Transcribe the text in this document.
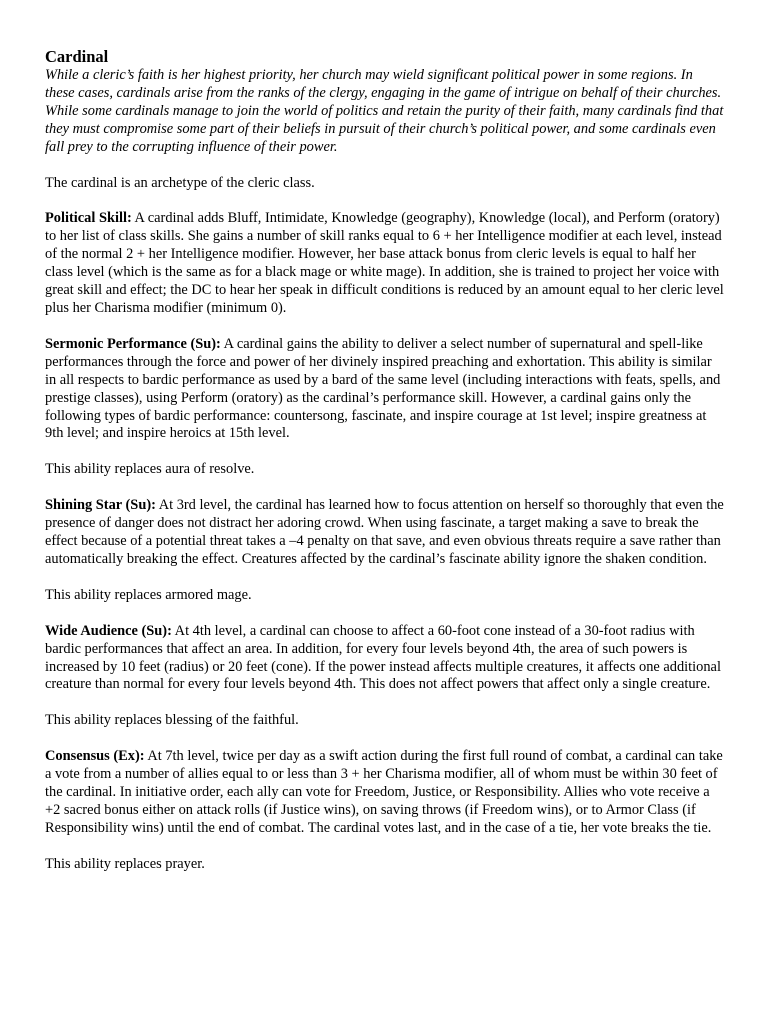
Cardinal

While a cleric’s faith is her highest priority, her church may wield significant political power in some regions. In these cases, cardinals arise from the ranks of the clergy, engaging in the game of intrigue on behalf of their churches. While some cardinals manage to join the world of politics and retain the purity of their faith, many cardinals find that they must compromise some part of their beliefs in pursuit of their church’s political power, and some cardinals even fall prey to the corrupting influence of their power.

The cardinal is an archetype of the cleric class.

Political Skill: A cardinal adds Bluff, Intimidate, Knowledge (geography), Knowledge (local), and Perform (oratory) to her list of class skills. She gains a number of skill ranks equal to 6 + her Intelligence modifier at each level, instead of the normal 2 + her Intelligence modifier. However, her base attack bonus from cleric levels is equal to half her class level (which is the same as for a black mage or white mage). In addition, she is trained to project her voice with great skill and effect; the DC to hear her speak in difficult conditions is reduced by an amount equal to her cleric level plus her Charisma modifier (minimum 0).

Sermonic Performance (Su): A cardinal gains the ability to deliver a select number of supernatural and spell-like performances through the force and power of her divinely inspired preaching and exhortation. This ability is similar in all respects to bardic performance as used by a bard of the same level (including interactions with feats, spells, and prestige classes), using Perform (oratory) as the cardinal’s performance skill. However, a cardinal gains only the following types of bardic performance: countersong, fascinate, and inspire courage at 1st level; inspire greatness at 9th level; and inspire heroics at 15th level.

This ability replaces aura of resolve.

Shining Star (Su): At 3rd level, the cardinal has learned how to focus attention on herself so thoroughly that even the presence of danger does not distract her adoring crowd. When using fascinate, a target making a save to break the effect because of a potential threat takes a –4 penalty on that save, and even obvious threats require a save rather than automatically breaking the effect. Creatures affected by the cardinal’s fascinate ability ignore the shaken condition.

This ability replaces armored mage.

Wide Audience (Su): At 4th level, a cardinal can choose to affect a 60-foot cone instead of a 30-foot radius with bardic performances that affect an area. In addition, for every four levels beyond 4th, the area of such powers is increased by 10 feet (radius) or 20 feet (cone). If the power instead affects multiple creatures, it affects one additional creature than normal for every four levels beyond 4th. This does not affect powers that affect only a single creature.

This ability replaces blessing of the faithful.

Consensus (Ex): At 7th level, twice per day as a swift action during the first full round of combat, a cardinal can take a vote from a number of allies equal to or less than 3 + her Charisma modifier, all of whom must be within 30 feet of the cardinal. In initiative order, each ally can vote for Freedom, Justice, or Responsibility. Allies who vote receive a +2 sacred bonus either on attack rolls (if Justice wins), on saving throws (if Freedom wins), or to Armor Class (if Responsibility wins) until the end of combat. The cardinal votes last, and in the case of a tie, her vote breaks the tie.

This ability replaces prayer.
